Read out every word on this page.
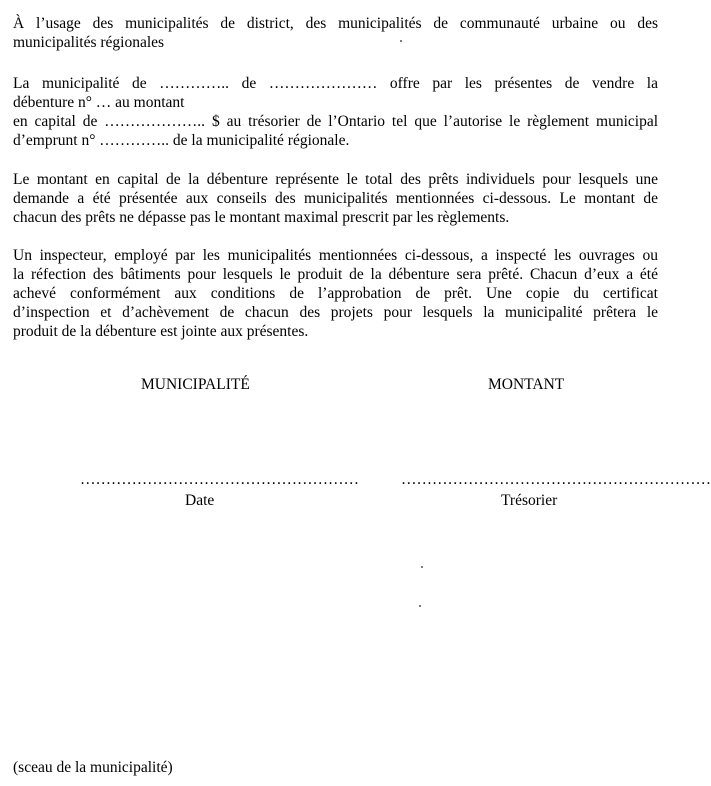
À l’usage des municipalités de district, des municipalités de communauté urbaine ou des
municipalités régionales

La municipalité de ………….. de ………………… offre par les présentes de vendre la
débenture n° … au montant
en capital de ……………….. $ au trésorier de l’Ontario tel que l’autorise le règlement municipal
d’emprunt n° ………….. de la municipalité régionale.

Le montant en capital de la débenture représente le total des prêts individuels pour lesquels une
demande a été présentée aux conseils des municipalités mentionnées ci-dessous. Le montant de
chacun des prêts ne dépasse pas le montant maximal prescrit par les règlements.

Un inspecteur, employé par les municipalités mentionnées ci-dessous, a inspecté les ouvrages ou
la réfection des bâtiments pour lesquels le produit de la débenture sera prêté. Chacun d’eux a été
achevé conformément aux conditions de l’approbation de prêt. Une copie du certificat
d’inspection et d’achèvement de chacun des projets pour lesquels la municipalité prêtera le
produit de la débenture est jointe aux présentes.

MUNICIPALITÉ	MONTANT
………………………………………………	……………………………………………………
Date	Trésorier
(sceau de la municipalité)
